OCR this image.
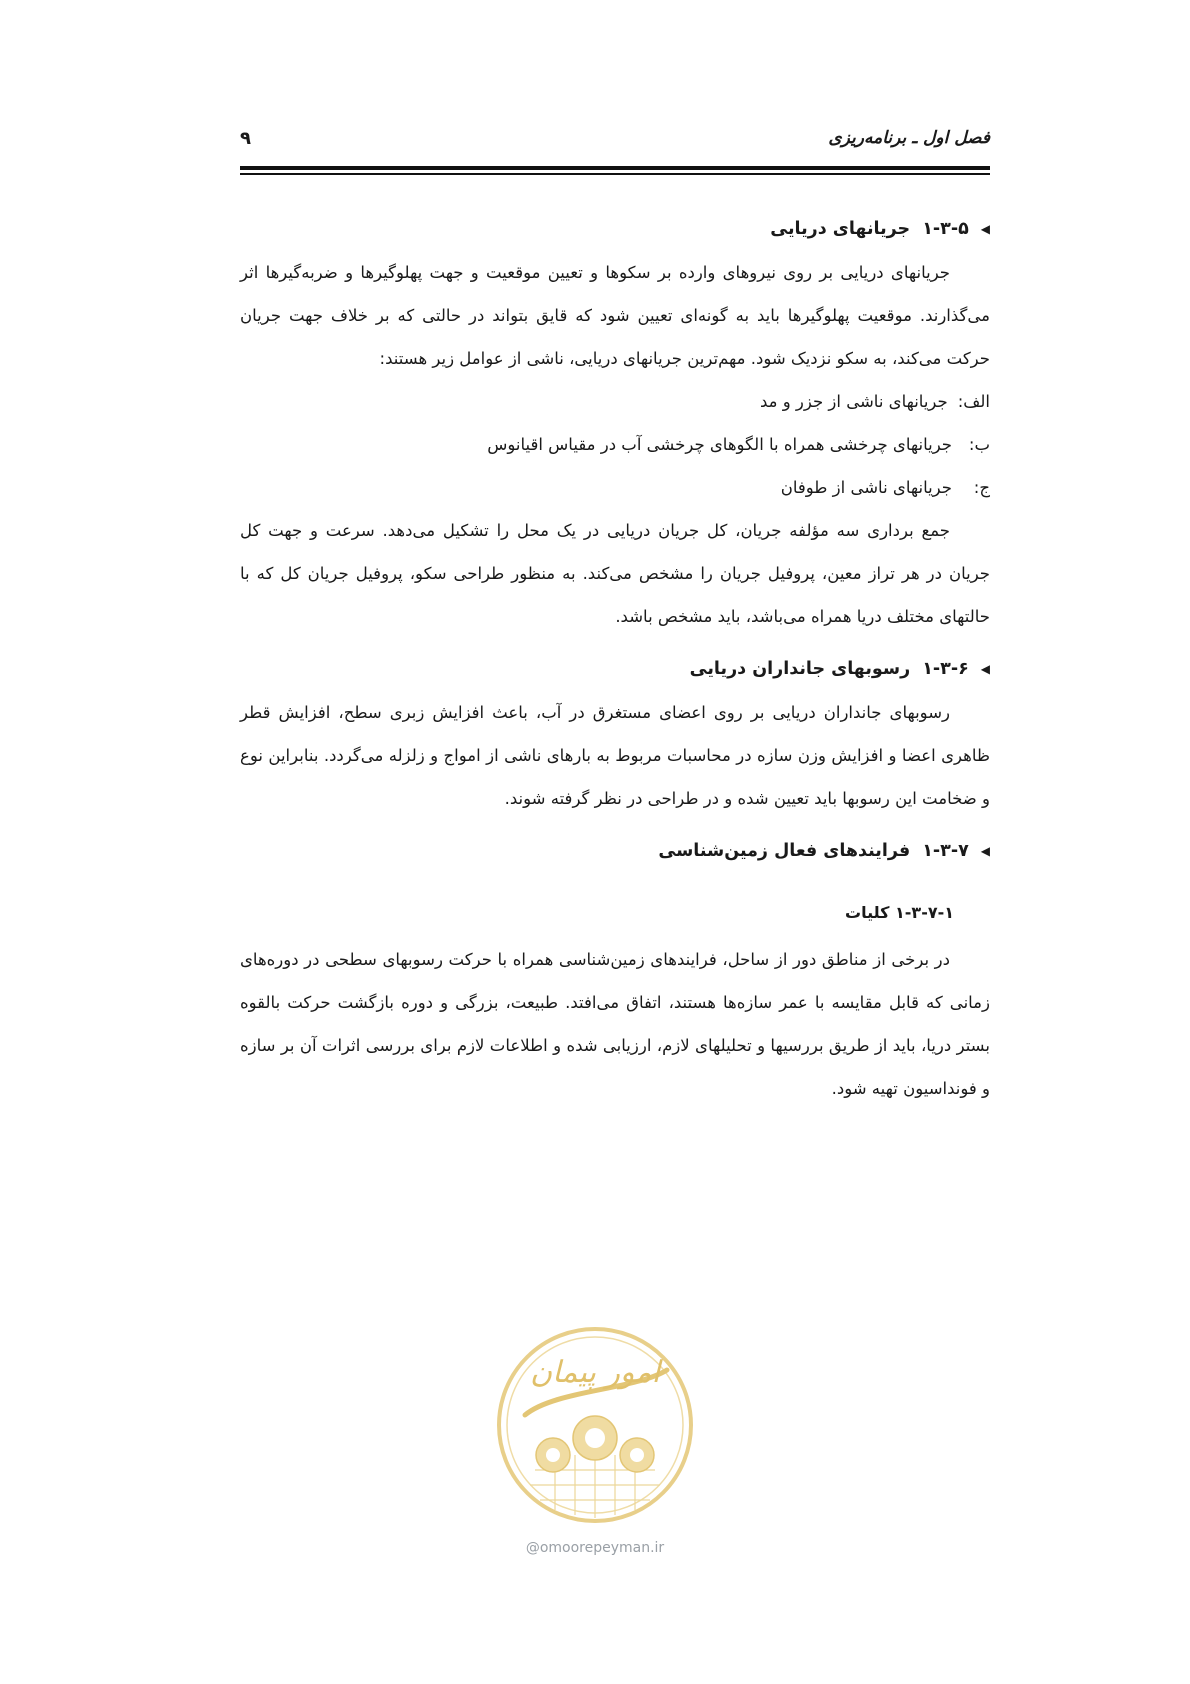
فصل اول ـ برنامه‌ریزی
۹
◀
۱-۳-۵
جریانهای دریایی

جریانهای دریایی بر روی نیروهای وارده بر سکوها و تعیین موقعیت و جهت پهلوگیرها و ضربه‌گیرها اثر می‌گذارند. موقعیت پهلوگیرها باید به گونه‌ای تعیین شود که قایق بتواند در حالتی که بر خلاف جهت جریان حرکت می‌کند، به سکو نزدیک شود. مهم‌ترین جریانهای دریایی، ناشی از عوامل زیر هستند:

الف:
جریانهای ناشی از جزر و مد
ب:
جریانهای چرخشی همراه با الگوهای چرخشی آب در مقیاس اقیانوس
ج:
جریانهای ناشی از طوفان

جمع برداری سه مؤلفه جریان، کل جریان دریایی در یک محل را تشکیل می‌دهد. سرعت و جهت کل جریان در هر تراز معین، پروفیل جریان را مشخص می‌کند. به منظور طراحی سکو، پروفیل جریان کل که با حالتهای مختلف دریا همراه می‌باشد، باید مشخص باشد.

◀
۱-۳-۶
رسوبهای جانداران دریایی

رسوبهای جانداران دریایی بر روی اعضای مستغرق در آب، باعث افزایش زبری سطح، افزایش قطر ظاهری اعضا و افزایش وزن سازه در محاسبات مربوط به بارهای ناشی از امواج و زلزله می‌گردد. بنابراین نوع و ضخامت این رسوبها باید تعیین شده و در طراحی در نظر گرفته شوند.

◀
۱-۳-۷
فرایندهای فعال زمین‌شناسی
۱-۳-۷-۱ کلیات

در برخی از مناطق دور از ساحل، فرایندهای زمین‌شناسی همراه با حرکت رسوبهای سطحی در دوره‌های زمانی که قابل مقایسه با عمر سازه‌ها هستند، اتفاق می‌افتد. طبیعت، بزرگی و دوره بازگشت حرکت بالقوه بستر دریا، باید از طریق بررسیها و تحلیلهای لازم، ارزیابی شده و اطلاعات لازم برای بررسی اثرات آن بر سازه و فونداسیون تهیه شود.

امور پیمان
@omoorepeyman.ir
